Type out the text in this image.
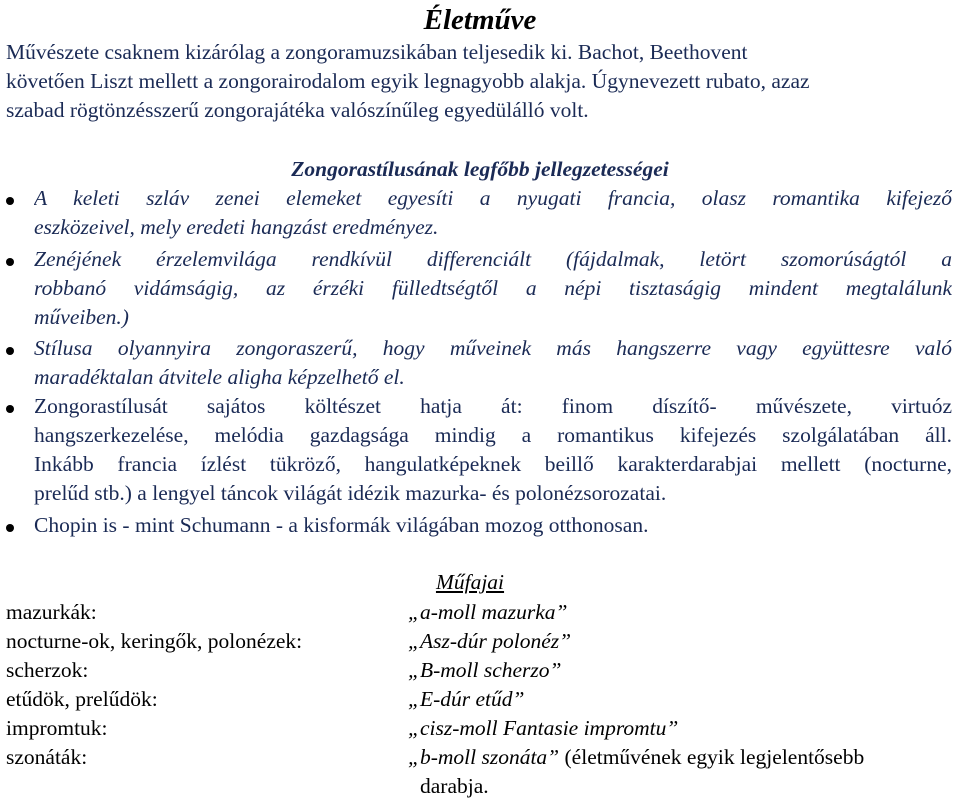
Életműve
Művészete csaknem kizárólag a zongoramuzsikában teljesedik ki. Bachot, Beethovent
követően Liszt mellett a zongorairodalom egyik legnagyobb alakja. Úgynevezett rubato, azaz
szabad rögtönzésszerű zongorajátéka valószínűleg egyedülálló volt.
Zongorastílusának legfőbb jellegzetességei
A keleti szláv zenei elemeket egyesíti a nyugati francia, olasz romantika kifejező
eszközeivel, mely eredeti hangzást eredményez.
Zenéjének érzelemvilága rendkívül differenciált (fájdalmak, letört szomorúságtól a
robbanó vidámságig, az érzéki fülledtségtől a népi tisztaságig mindent megtalálunk
műveiben.)
Stílusa olyannyira zongoraszerű, hogy műveinek más hangszerre vagy együttesre való
maradéktalan átvitele aligha képzelhető el.
Zongorastílusát sajátos költészet hatja át: finom díszítő- művészete, virtuóz
hangszerkezelése, melódia gazdagsága mindig a romantikus kifejezés szolgálatában áll.
Inkább francia ízlést tükröző, hangulatképeknek beillő karakterdarabjai mellett (nocturne,
prelűd stb.) a lengyel táncok világát idézik mazurka- és polonézsorozatai.
Chopin is - mint Schumann - a kisformák világában mozog otthonosan.
Műfajai
mazurkák:	„a-moll mazurka”
nocturne-ok, keringők, polonézek:	„Asz-dúr polonéz”
scherzok:	„B-moll scherzo”
etűdök, prelűdök:	„E-dúr etűd”
impromtuk:	„cisz-moll Fantasie impromtu”
szonáták:	„b-moll szonáta” (életművének egyik legjelentősebb
darabja.
